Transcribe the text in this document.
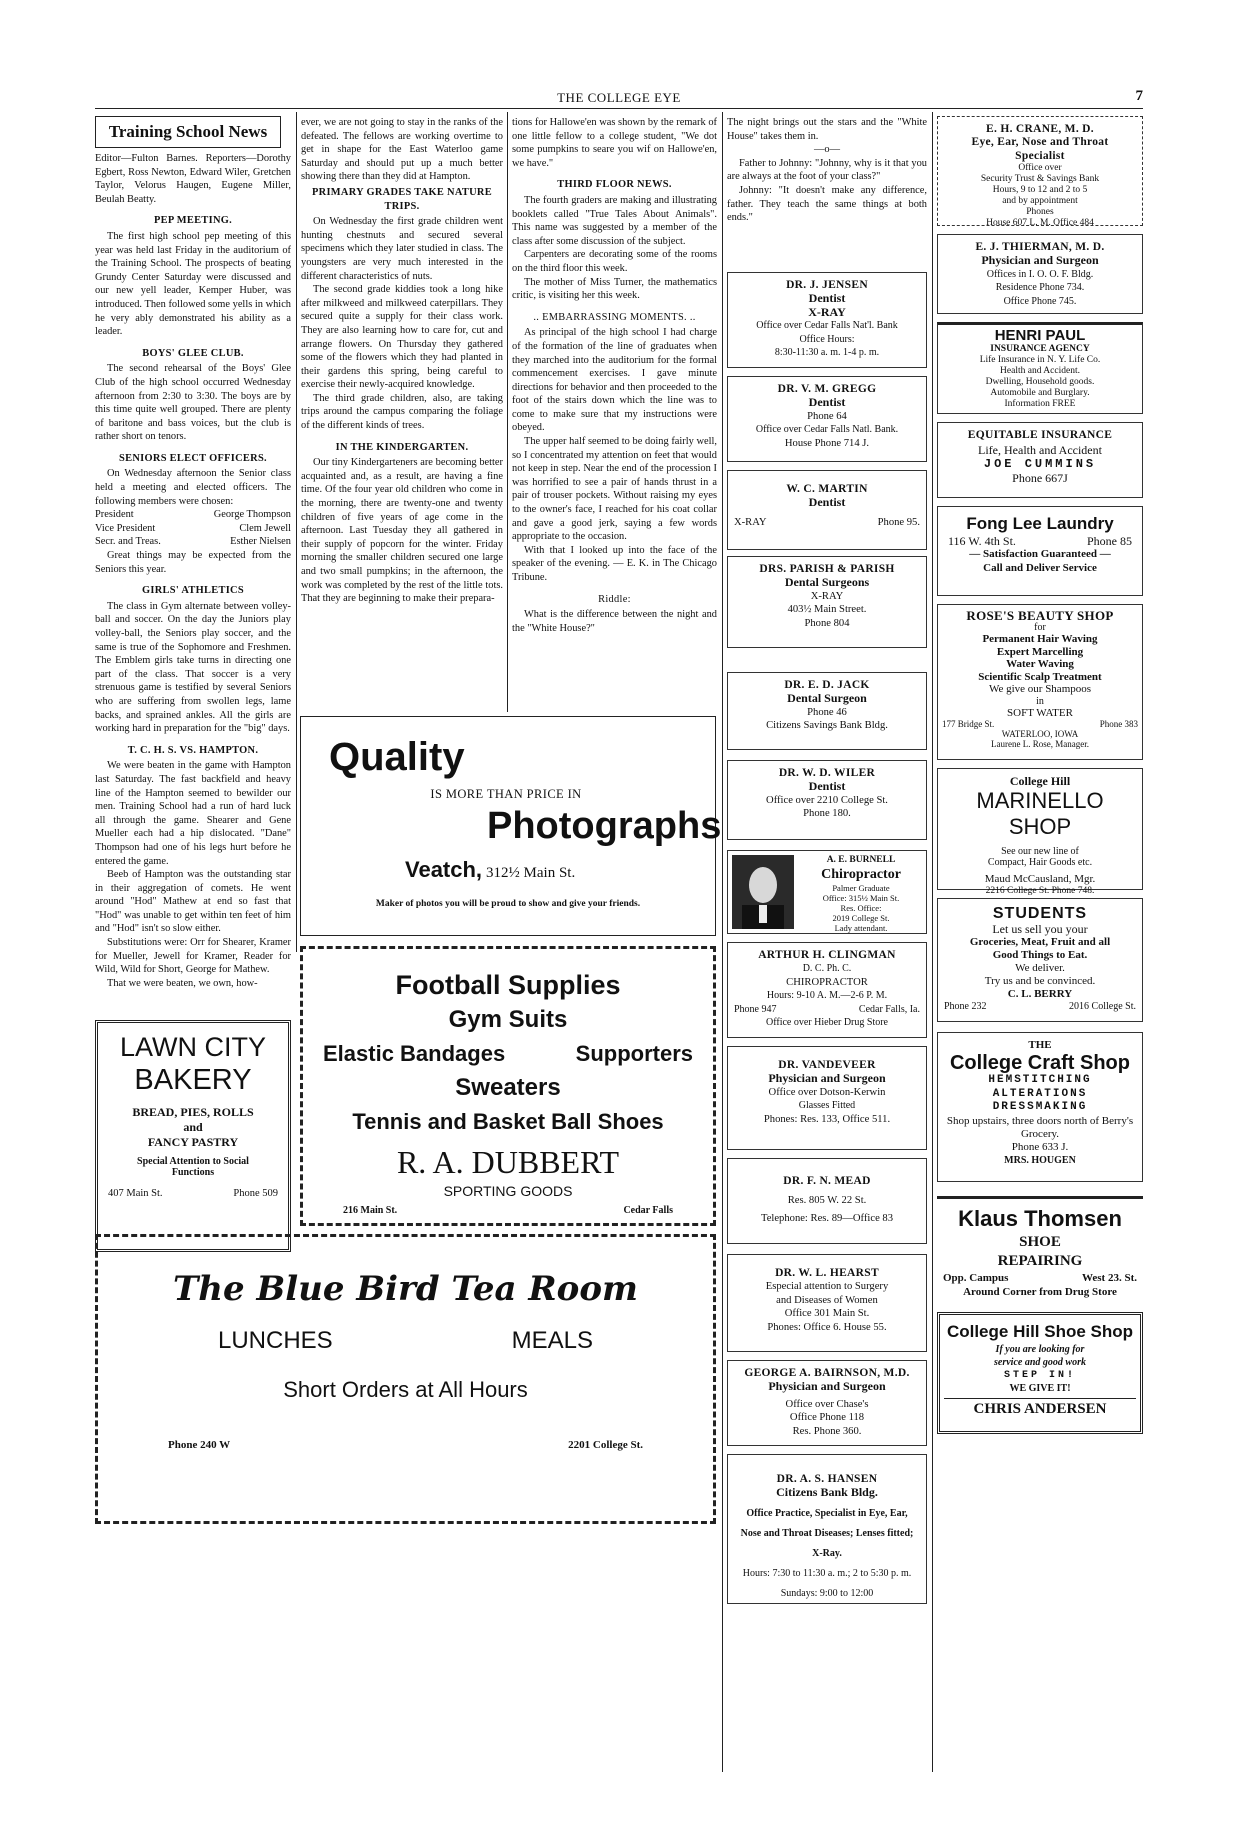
THE COLLEGE EYE	7
Training School News

Editor—Fulton Barnes. Reporters—Dorothy Egbert, Ross Newton, Edward Wiler, Gretchen Taylor, Velorus Haugen, Eugene Miller, Beulah Beatty.

PEP MEETING.

The first high school pep meeting of this year was held last Friday in the auditorium of the Training School. The prospects of beating Grundy Center Saturday were discussed and our new yell leader, Kemper Huber, was introduced. Then followed some yells in which he very ably demonstrated his ability as a leader.

BOYS' GLEE CLUB.

The second rehearsal of the Boys' Glee Club of the high school occurred Wednesday afternoon from 2:30 to 3:30. The boys are by this time quite well grouped. There are plenty of baritone and bass voices, but the club is rather short on tenors.

SENIORS ELECT OFFICERS.

On Wednesday afternoon the Senior class held a meeting and elected officers. The following members were chosen:

President	George Thompson
Vice President	Clem Jewell
Secr. and Treas.	Esther Nielsen

Great things may be expected from the Seniors this year.

GIRLS' ATHLETICS

The class in Gym alternate between volley-ball and soccer. On the day the Juniors play volley-ball, the Seniors play soccer, and the same is true of the Sophomore and Freshmen. The Emblem girls take turns in directing one part of the class. That soccer is a very strenuous game is testified by several Seniors who are suffering from swollen legs, lame backs, and sprained ankles. All the girls are working hard in preparation for the "big" days.

T. C. H. S. VS. HAMPTON.

We were beaten in the game with Hampton last Saturday. The fast backfield and heavy line of the Hampton seemed to bewilder our men. Training School had a run of hard luck all through the game. Shearer and Gene Mueller each had a hip dislocated. "Dane" Thompson had one of his legs hurt before he entered the game.

Beeb of Hampton was the outstanding star in their aggregation of comets. He went around "Hod" Mathew at end so fast that "Hod" was unable to get within ten feet of him and "Hod" isn't so slow either.

Substitutions were: Orr for Shearer, Kramer for Mueller, Jewell for Kramer, Reader for Wild, Wild for Short, George for Mathew.

That we were beaten, we own, how-

LAWN CITY
BAKERY
BREAD, PIES, ROLLS
and
FANCY PASTRY
Special Attention to Social Functions
407 Main St.	Phone 509

ever, we are not going to stay in the ranks of the defeated. The fellows are working overtime to get in shape for the East Waterloo game Saturday and should put up a much better showing there than they did at Hampton.

PRIMARY GRADES TAKE NATURE TRIPS.

On Wednesday the first grade children went hunting chestnuts and secured several specimens which they later studied in class. The youngsters are very much interested in the different characteristics of nuts.

The second grade kiddies took a long hike after milkweed and milkweed caterpillars. They secured quite a supply for their class work. They are also learning how to care for, cut and arrange flowers. On Thursday they gathered some of the flowers which they had planted in their gardens this spring, being careful to exercise their newly-acquired knowledge.

The third grade children, also, are taking trips around the campus comparing the foliage of the different kinds of trees.

IN THE KINDERGARTEN.

Our tiny Kindergarteners are becoming better acquainted and, as a result, are having a fine time. Of the four year old children who come in the morning, there are twenty-one and twenty children of five years of age come in the afternoon. Last Tuesday they all gathered in their supply of popcorn for the winter. Friday morning the smaller children secured one large and two small pumpkins; in the afternoon, the work was completed by the rest of the little tots. That they are beginning to make their prepara-

tions for Hallowe'en was shown by the remark of one little fellow to a college student, "We dot some pumpkins to seare you wif on Hallowe'en, we have."

THIRD FLOOR NEWS.

The fourth graders are making and illustrating booklets called "True Tales About Animals". This name was suggested by a member of the class after some discussion of the subject.

Carpenters are decorating some of the rooms on the third floor this week.

The mother of Miss Turner, the mathematics critic, is visiting her this week.

.. EMBARRASSING MOMENTS. ..

As principal of the high school I had charge of the formation of the line of graduates when they marched into the auditorium for the formal commencement exercises. I gave minute directions for behavior and then proceeded to the foot of the stairs down which the line was to come to make sure that my instructions were obeyed.

The upper half seemed to be doing fairly well, so I concentrated my attention on feet that would not keep in step. Near the end of the procession I was horrified to see a pair of hands thrust in a pair of trouser pockets. Without raising my eyes to the owner's face, I reached for his coat collar and gave a good jerk, saying a few words appropriate to the occasion.

With that I looked up into the face of the speaker of the evening. — E. K. in The Chicago Tribune.

Riddle:

What is the difference between the night and the "White House?"

The night brings out the stars and the "White House" takes them in.

—o—

Father to Johnny: "Johnny, why is it that you are always at the foot of your class?"

Johnny: "It doesn't make any difference, father. They teach the same things at both ends."

Quality
IS MORE THAN PRICE IN
Photographs
Veatch, 312½ Main St.
Maker of photos you will be proud to show and give your friends.
Football Supplies
Gym Suits
Elastic Bandages	Supporters
Sweaters
Tennis and Basket Ball Shoes
R. A. DUBBERT
SPORTING GOODS
216 Main St.	Cedar Falls
The Blue Bird Tea Room
LUNCHES	MEALS
Short Orders at All Hours
Phone 240 W	2201 College St.
DR. J. JENSEN
Dentist
X-RAY
Office over Cedar Falls Nat'l. Bank
Office Hours:
8:30-11:30 a. m. 1-4 p. m.
DR. V. M. GREGG
Dentist
Phone 64
Office over Cedar Falls Natl. Bank.
House Phone 714 J.
W. C. MARTIN
Dentist
X-RAY	Phone 95.
DRS. PARISH & PARISH
Dental Surgeons
X-RAY
403½ Main Street.
Phone 804
DR. E. D. JACK
Dental Surgeon
Phone 46
Citizens Savings Bank Bldg.
DR. W. D. WILER
Dentist
Office over 2210 College St.
Phone 180.
A. E. BURNELL
Chiropractor
Palmer Graduate
Office: 315½ Main St.
Res. Office:
2019 College St.
Lady attendant.
ARTHUR H. CLINGMAN
D. C. Ph. C.
CHIROPRACTOR
Hours: 9-10 A. M.—2-6 P. M.
Phone 947	Cedar Falls, Ia.
Office over Hieber Drug Store
DR. VANDEVEER
Physician and Surgeon
Office over Dotson-Kerwin
Glasses Fitted
Phones: Res. 133, Office 511.
DR. F. N. MEAD
Res. 805 W. 22 St.
Telephone: Res. 89—Office 83
DR. W. L. HEARST
Especial attention to Surgery
and Diseases of Women
Office 301 Main St.
Phones: Office 6. House 55.
GEORGE A. BAIRNSON, M.D.
Physician and Surgeon
Office over Chase's
Office Phone 118
Res. Phone 360.
DR. A. S. HANSEN
Citizens Bank Bldg.
Office Practice, Specialist in Eye, Ear, Nose and Throat Diseases; Lenses fitted; X-Ray.
Hours: 7:30 to 11:30 a. m.; 2 to 5:30 p. m.
Sundays: 9:00 to 12:00
E. H. CRANE, M. D.
Eye, Ear, Nose and Throat
Specialist
Office over
Security Trust & Savings Bank
Hours, 9 to 12 and 2 to 5
and by appointment
Phones
House 607 L. M. Office 484
E. J. THIERMAN, M. D.
Physician and Surgeon
Offices in I. O. O. F. Bldg.
Residence Phone 734.
Office Phone 745.
HENRI PAUL
INSURANCE AGENCY
Life Insurance in N. Y. Life Co.
Health and Accident.
Dwelling, Household goods.
Automobile and Burglary.
Information FREE
EQUITABLE INSURANCE
Life, Health and Accident
JOE CUMMINS
Phone 667J
Fong Lee Laundry
116 W. 4th St.	Phone 85
— Satisfaction Guaranteed —
Call and Deliver Service
ROSE'S BEAUTY SHOP
for
Permanent Hair Waving
Expert Marcelling
Water Waving
Scientific Scalp Treatment
We give our Shampoos
in
SOFT WATER
177 Bridge St.	Phone 383
WATERLOO, IOWA
Laurene L. Rose, Manager.
College Hill
MARINELLO
SHOP
See our new line of
Compact, Hair Goods etc.
Maud McCausland, Mgr.
2216 College St. Phone 748.
STUDENTS
Let us sell you your
Groceries, Meat, Fruit and all
Good Things to Eat.
We deliver.
Try us and be convinced.
C. L. BERRY
Phone 232	2016 College St.
THE
College Craft Shop
HEMSTITCHING
ALTERATIONS
DRESSMAKING
Shop upstairs, three doors north of Berry's Grocery.
Phone 633 J.
MRS. HOUGEN
Klaus Thomsen
SHOE
REPAIRING
Opp. Campus	West 23. St.
Around Corner from Drug Store
College Hill Shoe Shop
If you are looking for
service and good work
STEP IN!
WE GIVE IT!
CHRIS ANDERSEN
